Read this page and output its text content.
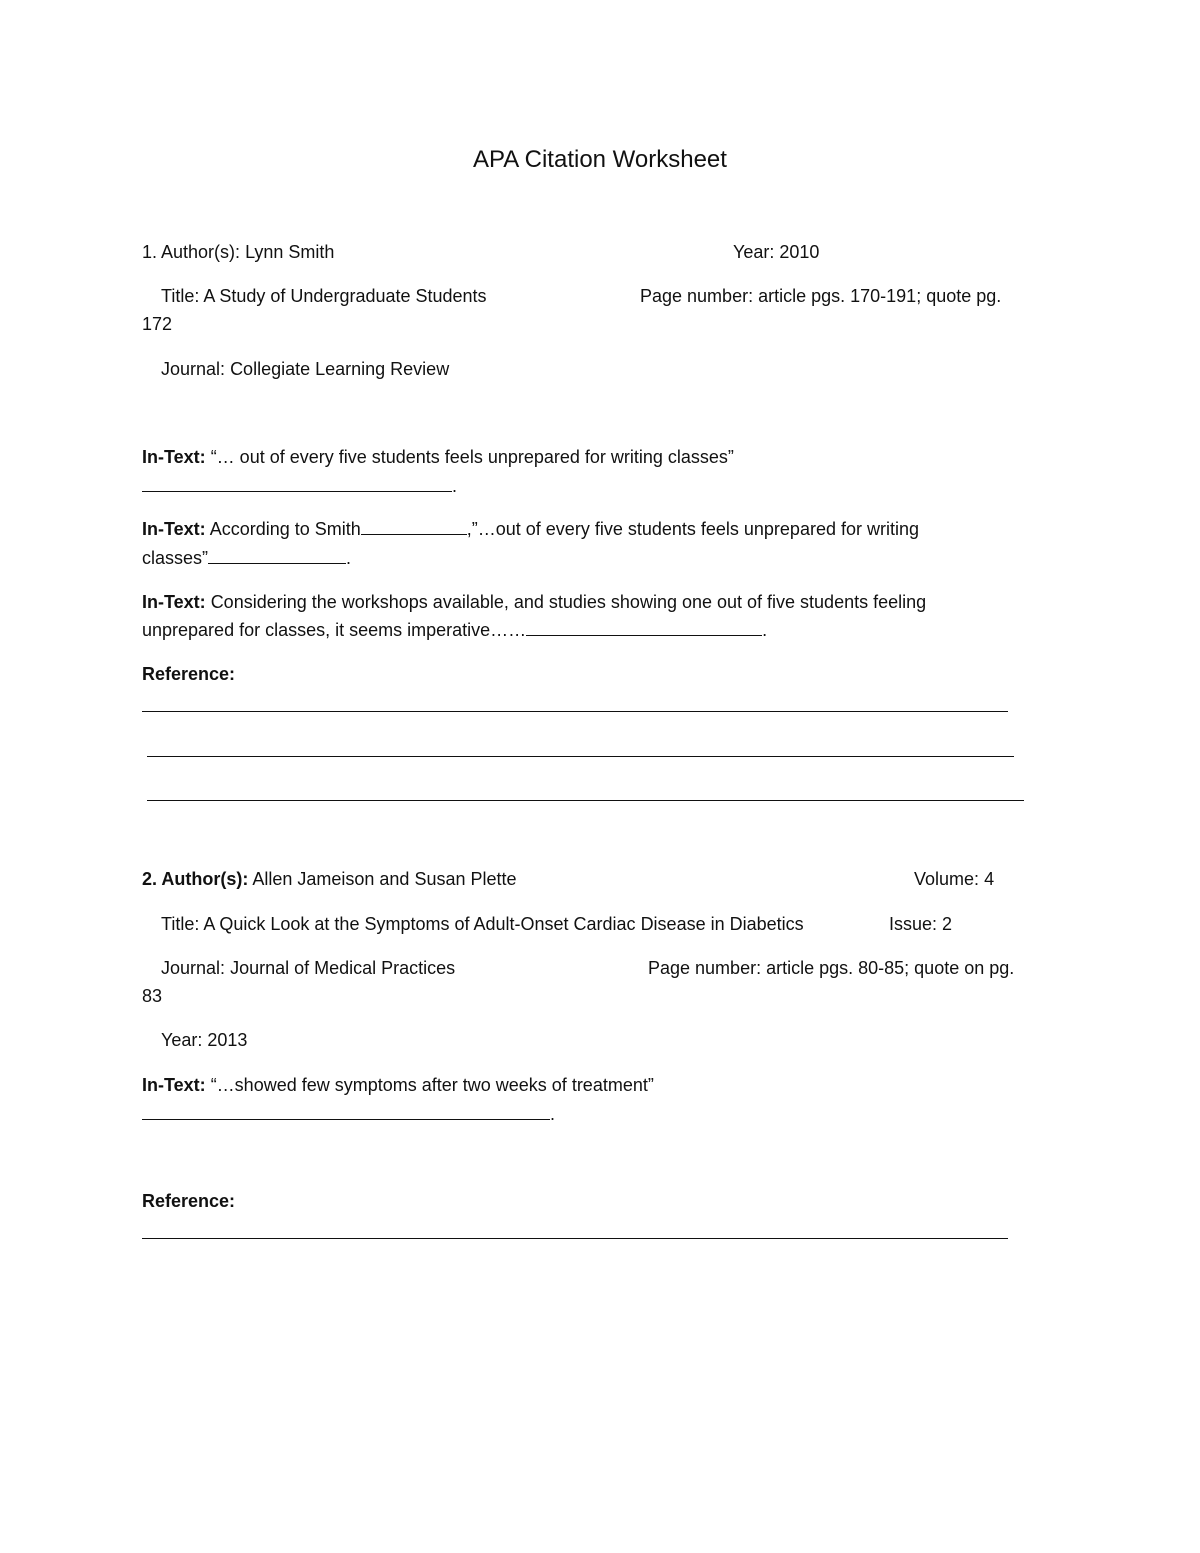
APA Citation Worksheet
1. Author(s): Lynn Smith	Year: 2010
Title: A Study of Undergraduate Students	Page number: article pgs. 170-191; quote pg.
172
Journal: Collegiate Learning Review
In-Text: “… out of every five students feels unprepared for writing classes”
.
In-Text: According to Smith	,”…out of every five students feels unprepared for writing
classes”	.
In-Text: Considering the workshops available, and studies showing one out of five students feeling
unprepared for classes, it seems imperative……	.
Reference:
2. Author(s): Allen Jameison and Susan Plette	Volume: 4
Title: A Quick Look at the Symptoms of Adult-Onset Cardiac Disease in Diabetics	Issue: 2
Journal: Journal of Medical Practices	Page number: article pgs. 80-85; quote on pg.
83
Year: 2013
In-Text: “…showed few symptoms after two weeks of treatment”
.
Reference:
